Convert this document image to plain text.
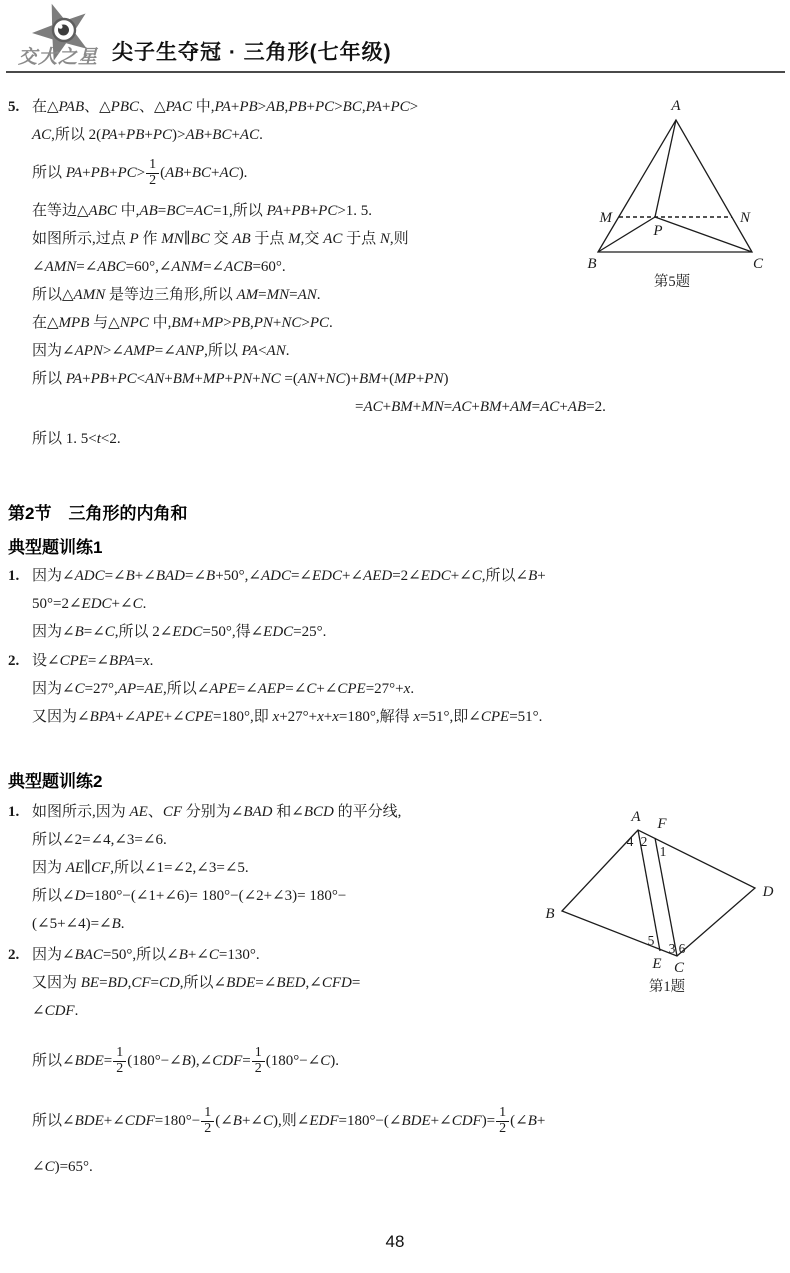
交大之星 尖子生夺冠 · 三角形(七年级)
5. 在△PAB、△PBC、△PAC 中,PA+PB>AB,PB+PC>BC,PA+PC>
AC,所以 2(PA+PB+PC)>AB+BC+AC.
所以 $PA+PB+PC> \frac{1}{2} (AB+BC+AC)$.
在等边△ABC 中,AB=BC=AC=1,所以 PA+PB+PC>1. 5.
如图所示,过点 P 作 MN∥BC 交 AB 于点 M,交 AC 于点 N,则
∠AMN=∠ABC=60°,∠ANM=∠ACB=60°.
所以△AMN 是等边三角形,所以 AM=MN=AN.
在△MPB 与△NPC 中,BM+MP>PB,PN+NC>PC.
因为∠APN>∠AMP=∠ANP,所以 PA<AN.
所以 PA+PB+PC<AN+BM+MP+PN+NC =(AN+NC)+BM+(MP+PN)
=AC+BM+MN=AC+BM+AM=AC+AB=2.
所以 1. 5<t<2.
A
B	C
M	N
P
第5题
第2节　三角形的内角和
典型题训练1
1. 因为∠ADC=∠B+∠BAD=∠B+50°,∠ADC=∠EDC+∠AED=2∠EDC+∠C,所以∠B+
50°=2∠EDC+∠C.
因为∠B=∠C,所以 2∠EDC=50°,得∠EDC=25°.
2. 设∠CPE=∠BPA=x.
因为∠C=27°,AP=AE,所以∠APE=∠AEP=∠C+∠CPE=27°+x.
又因为∠BPA+∠APE+∠CPE=180°,即 x+27°+x+x=180°,解得 x=51°,即∠CPE=51°.
典型题训练2
1. 如图所示,因为 AE、CF 分别为∠BAD 和∠BCD 的平分线,
所以∠2=∠4,∠3=∠6.
因为 AE∥CF,所以∠1=∠2,∠3=∠5.
所以∠D=180°−(∠1+∠6)= 180°−(∠2+∠3)= 180°−
(∠5+∠4)=∠B.
A F
B
D
E C
4 2
1
5
3 6
第1题
2. 因为∠BAC=50°,所以∠B+∠C=130°.
又因为 BE=BD,CF=CD,所以∠BDE=∠BED,∠CFD=
∠CDF.
所以∠BDE= $\frac{1}{2}$ (180°−∠B),∠CDF= $\frac{1}{2}$ (180°−∠C).
所以∠BDE+∠CDF=180°− $\frac{1}{2}$ (∠B+∠C),则∠EDF=180°−(∠BDE+∠CDF)= $\frac{1}{2}$ (∠B+
∠C)=65°.
48
